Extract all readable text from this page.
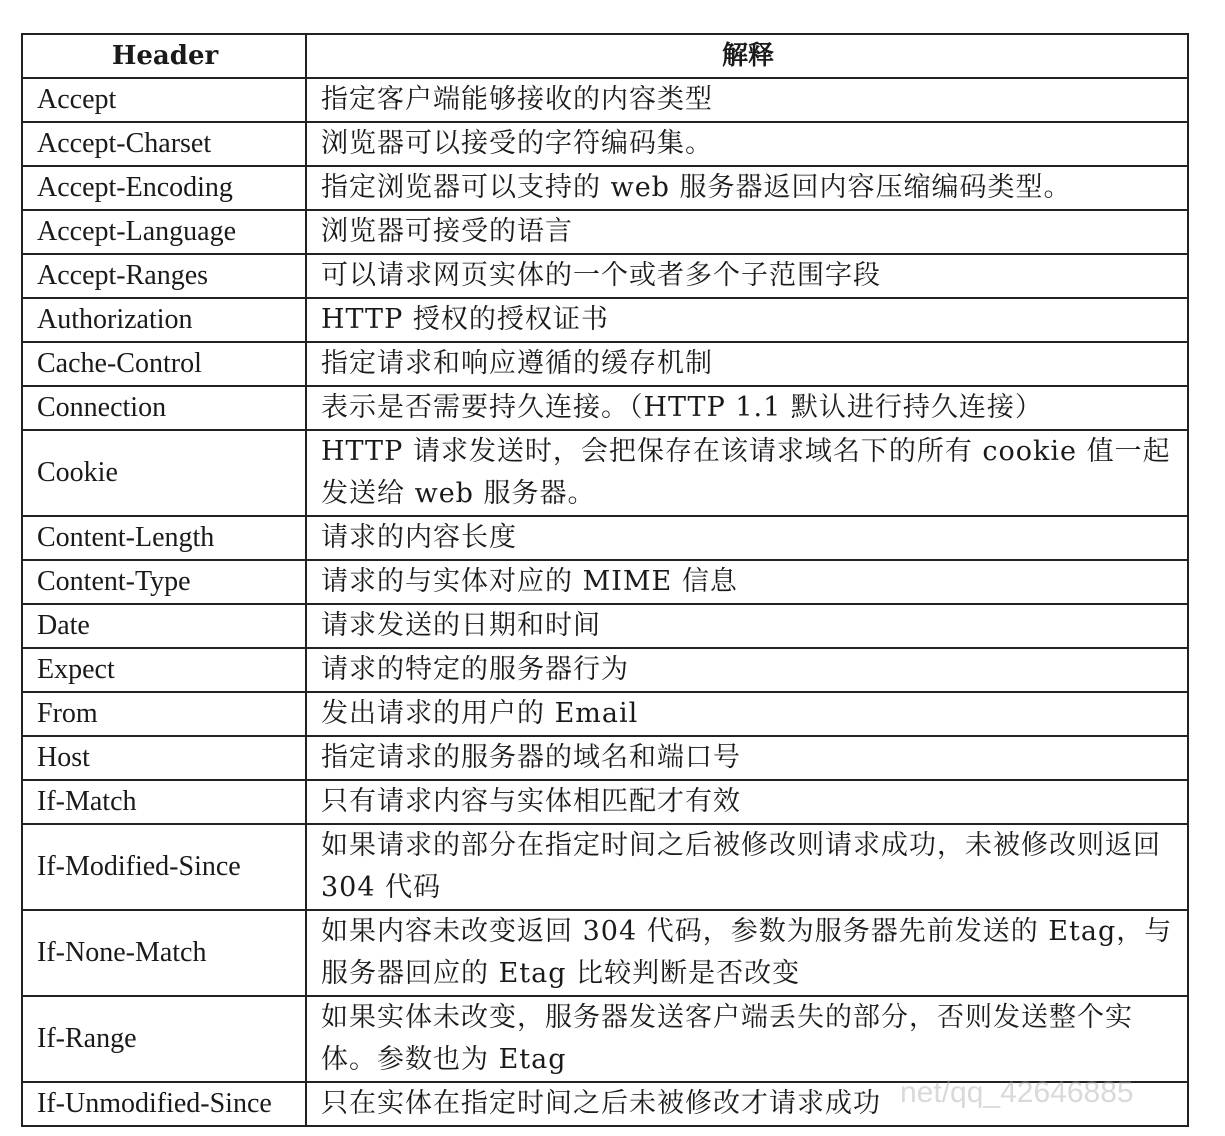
Header	解释
Accept	指定客户端能够接收的内容类型
Accept-Charset	浏览器可以接受的字符编码集。
Accept-Encoding	指定浏览器可以支持的 web 服务器返回内容压缩编码类型。
Accept-Language	浏览器可接受的语言
Accept-Ranges	可以请求网页实体的一个或者多个子范围字段
Authorization	HTTP 授权的授权证书
Cache-Control	指定请求和响应遵循的缓存机制
Connection	表示是否需要持久连接。（HTTP 1.1 默认进行持久连接）
Cookie	HTTP 请求发送时，会把保存在该请求域名下的所有 cookie 值一起发送给 web 服务器。
Content-Length	请求的内容长度
Content-Type	请求的与实体对应的 MIME 信息
Date	请求发送的日期和时间
Expect	请求的特定的服务器行为
From	发出请求的用户的 Email
Host	指定请求的服务器的域名和端口号
If-Match	只有请求内容与实体相匹配才有效
If-Modified-Since	如果请求的部分在指定时间之后被修改则请求成功，未被修改则返回 304 代码
If-None-Match	如果内容未改变返回 304 代码，参数为服务器先前发送的 Etag，与服务器回应的 Etag 比较判断是否改变
If-Range	如果实体未改变，服务器发送客户端丢失的部分，否则发送整个实体。参数也为 Etag
If-Unmodified-Since	只在实体在指定时间之后未被修改才请求成功 net/qq_42646885
